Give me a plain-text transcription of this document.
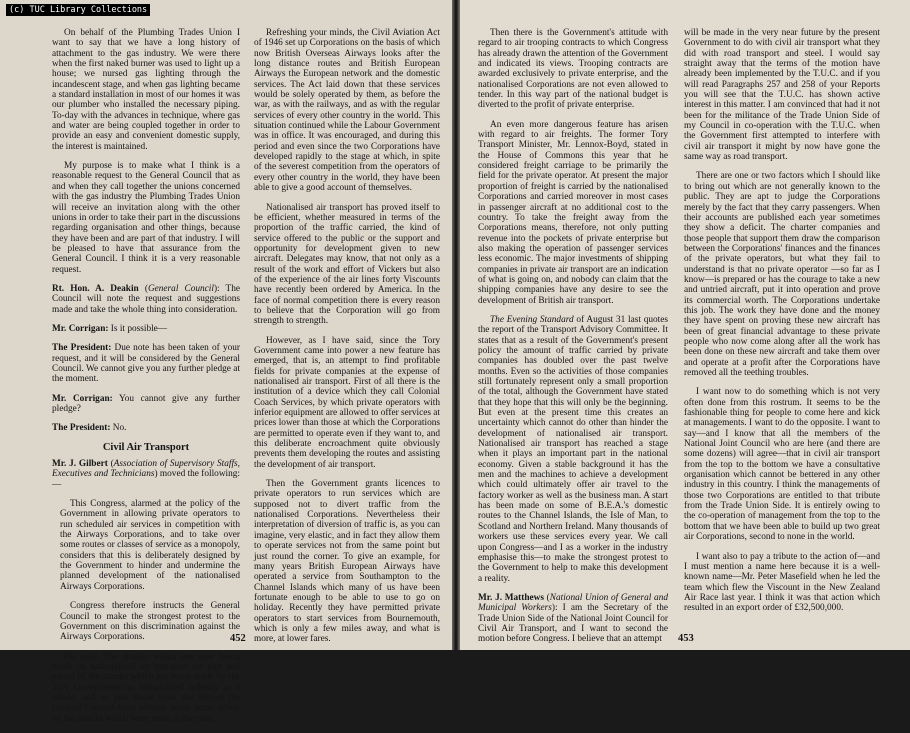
(c) TUC Library Collections

On behalf of the Plumbing Trades Union I want to say that we have a long history of attachment to the gas industry. We were there when the first naked burner was used to light up a house; we nursed gas lighting through the incandescent stage, and when gas lighting became a standard installation in most of our homes it was our plumber who installed the necessary piping. To-day with the advances in technique, where gas and water are being coupled together in order to provide an easy and convenient domestic supply, the interest is maintained.

My purpose is to make what I think is a reasonable request to the General Council that as and when they call together the unions concerned with the gas industry the Plumbing Trades Union will receive an invitation along with the other unions in order to take their part in the discussions regarding organisation and other things, because they have been and are part of that industry. I will be pleased to have that assurance from the General Council. I think it is a very reasonable request.

Rt. Hon. A. Deakin (General Council): The Council will note the request and suggestions made and take the whole thing into consideration.

Mr. Corrigan: Is it possible—

The President: Due note has been taken of your request, and it will be considered by the General Council. We cannot give you any further pledge at the moment.

Mr. Corrigan: You cannot give any further pledge?

The President: No.

Civil Air Transport

Mr. J. Gilbert (Association of Supervisory Staffs, Executives and Technicians) moved the following:—

This Congress, alarmed at the policy of the Government in allowing private operators to run scheduled air services in competition with the Airways Corporations, and to take over some routes or classes of service as a monopoly, considers that this is deliberately designed by the Government to hinder and undermine the planned development of the nationalised Airways Corporations.

Congress therefore instructs the General Council to make the strongest protest to the Government on this discrimination against the Airways Corporations.

He said: The attacks which are now being made on nationalised air transport are part and parcel of the attacks which are being made by the Tory Government on nationalised industry as a whole, and as you know from the Report the General Council have already taken some action on the attacks which were made in the past.

Refreshing your minds, the Civil Aviation Act of 1946 set up Corporations on the basis of which now British Overseas Airways looks after the long distance routes and British European Airways the European network and the domestic services. The Act laid down that these services would be solely operated by them, as before the war, as with the railways, and as with the regular services of every other country in the world. This situation continued while the Labour Government was in office. It was encouraged, and during this period and even since the two Corporations have developed rapidly to the stage at which, in spite of the severest competition from the operators of every other country in the world, they have been able to give a good account of themselves.

Nationalised air transport has proved itself to be efficient, whether measured in terms of the proportion of the traffic carried, the kind of service offered to the public or the support and opportunity for development given to new aircraft. Delegates may know, that not only as a result of the work and effort of Vickers but also of the experience of the air lines forty Viscounts have recently been ordered by America. In the face of normal competition there is every reason to believe that the Corporation will go from strength to strength.

However, as I have said, since the Tory Government came into power a new feature has emerged, that is, an attempt to find profitable fields for private companies at the expense of nationalised air transport. First of all there is the institution of a device which they call Colonial Coach Services, by which private operators with inferior equipment are allowed to offer services at prices lower than those at which the Corporations are permitted to operate even if they want to, and this deliberate encroachment quite obviously prevents them developing the routes and assisting the development of air transport.

Then the Government grants licences to private operators to run services which are supposed not to divert traffic from the nationalised Corporations. Nevertheless their interpretation of diversion of traffic is, as you can imagine, very elastic, and in fact they allow them to operate services not from the same point but just round the corner. To give an example, for many years British European Airways have operated a service from Southampton to the Channel Islands which many of us have been fortunate enough to be able to use to go on holiday. Recently they have permitted private operators to start services from Bournemouth, which is only a few miles away, and what is more, at lower fares.

452

Then there is the Government's attitude with regard to air trooping contracts to which Congress has already drawn the attention of the Government and indicated its views. Trooping contracts are awarded exclusively to private enterprise, and the nationalised Corporations are not even allowed to tender. In this way part of the national budget is diverted to the profit of private enterprise.

An even more dangerous feature has arisen with regard to air freights. The former Tory Transport Minister, Mr. Lennox-Boyd, stated in the House of Commons this year that he considered freight carriage to be primarily the field for the private operator. At present the major proportion of freight is carried by the nationalised Corporations and carried moreover in most cases in passenger aircraft at no additional cost to the country. To take the freight away from the Corporations means, therefore, not only putting revenue into the pockets of private enterprise but also making the operation of passenger services less economic. The major investments of shipping companies in private air transport are an indication of what is going on, and nobody can claim that the shipping companies have any desire to see the development of British air transport.

The Evening Standard of August 31 last quotes the report of the Transport Advisory Committee. It states that as a result of the Government's present policy the amount of traffic carried by private companies has doubled over the past twelve months. Even so the activities of those companies still fortunately represent only a small proportion of the total, although the Government have stated that they hope that this will only be the beginning. But even at the present time this creates an uncertainty which cannot do other than hinder the development of nationalised air transport. Nationalised air transport has reached a stage when it plays an important part in the national economy. Given a stable background it has the men and the machines to achieve a development which could ultimately offer air travel to the factory worker as well as the business man. A start has been made on some of B.E.A.'s domestic routes to the Channel Islands, the Isle of Man, to Scotland and Northern Ireland. Many thousands of workers use these services every year. We call upon Congress—and I as a worker in the industry emphasise this—to make the strongest protest to the Government to help to make this development a reality.

Mr. J. Matthews (National Union of General and Municipal Workers): I am the Secretary of the Trade Union Side of the National Joint Council for Civil Air Transport, and I want to second the motion before Congress. I believe that an attempt

will be made in the very near future by the present Government to do with civil air transport what they did with road transport and steel. I would say straight away that the terms of the motion have already been implemented by the T.U.C. and if you will read Paragraphs 257 and 258 of your Reports you will see that the T.U.C. has shown active interest in this matter. I am convinced that had it not been for the militance of the Trade Union Side of my Council in co-operation with the T.U.C. when the Government first attempted to interfere with civil air transport it might by now have gone the same way as road transport.

There are one or two factors which I should like to bring out which are not generally known to the public. They are apt to judge the Corporations merely by the fact that they carry passengers. When their accounts are published each year sometimes they show a deficit. The charter companies and those people that support them draw the comparison between the Corporations' finances and the finances of the private operators, but what they fail to understand is that no private operator —so far as I know—is prepared or has the courage to take a new and untried aircraft, put it into operation and prove its commercial worth. The Corporations undertake this job. The work they have done and the money they have spent on proving these new aircraft has been of great financial advantage to these private people who now come along after all the work has been done on these new aircraft and take them over and operate at a profit after the Corporations have removed all the teething troubles.

I want now to do something which is not very often done from this rostrum. It seems to be the fashionable thing for people to come here and kick at managements. I want to do the opposite. I want to say—and I know that all the members of the National Joint Council who are here (and there are some dozens) will agree—that in civil air transport from the top to the bottom we have a consultative organisation which cannot be bettered in any other industry in this country. I think the managements of those two Corporations are entitled to that tribute from the Trade Union Side. It is entirely owing to the co-operation of management from the top to the bottom that we have been able to build up two great air Corporations, second to none in the world.

I want also to pay a tribute to the action of—and I must mention a name here because it is a well-known name—Mr. Peter Masefield when he led the team which flew the Viscount in the New Zealand Air Race last year. I think it was that action which resulted in an export order of £32,500,000.

453
